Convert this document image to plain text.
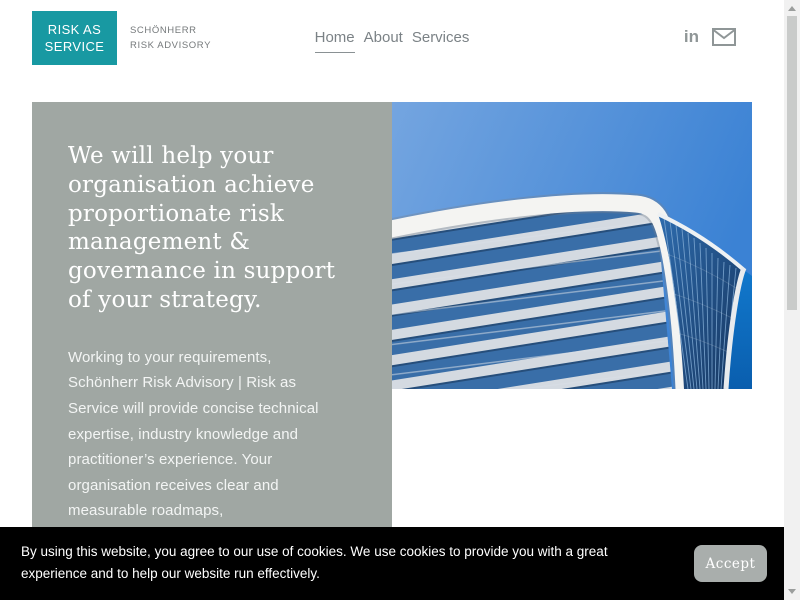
RISK AS
SERVICE
SCHÖNHERR
RISK ADVISORY	Home About Services	in
We will help your
organisation achieve
proportionate risk
management &
governance in support
of your strategy.
Working to your requirements,
Schönherr Risk Advisory | Risk as
Service will provide concise technical
expertise, industry knowledge and
practitioner’s experience. Your
organisation receives clear and
measurable roadmaps,
By using this website, you agree to our use of cookies. We use cookies to provide you with a great
experience and to help our website run effectively.
Accept
